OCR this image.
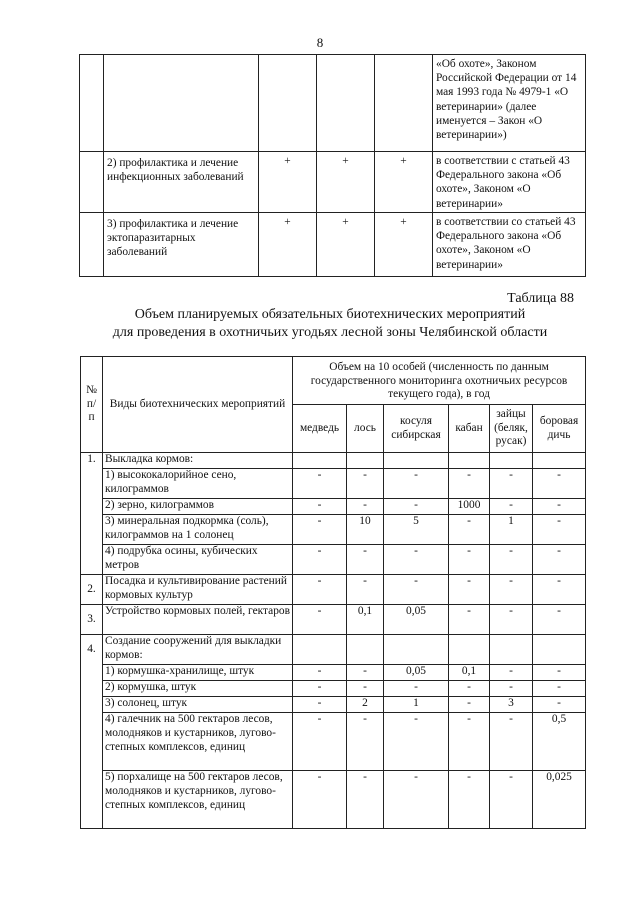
8
					«Об охоте», Законом Российской Федерации от 14 мая 1993 года № 4979-1 «О ветеринарии» (далее именуется – Закон «О ветеринарии»)
	2) профилактика и лечение инфекционных заболеваний	+	+	+	в соответствии с статьей 43 Федерального закона «Об охоте», Законом «О ветеринарии»
	3) профилактика и лечение эктопаразитарных заболеваний	+	+	+	в соответствии со статьей 43 Федерального закона «Об охоте», Законом «О ветеринарии»
Таблица 88
Объем планируемых обязательных биотехнических мероприятий
для проведения в охотничьих угодьях лесной зоны Челябинской области
№ п/п	Виды биотехнических мероприятий	Объем на 10 особей (численность по данным государственного мониторинга охотничьих ресурсов текущего года), в год					
		медведь	лось	косуля сибирская	кабан	зайцы (беляк, русак)	боровая дичь
1.	Выкладка кормов:						
	1) высококалорийное сено, килограммов	-	-	-	-	-	-
	2) зерно, килограммов	-	-	-	1000	-	-
	3) минеральная подкормка (соль), килограммов на 1 солонец	-	10	5	-	1	-
	4) подрубка осины, кубических метров	-	-	-	-	-	-
2.	Посадка и культивирование растений кормовых культур	-	-	-	-	-	-
3.	Устройство кормовых полей, гектаров	-	0,1	0,05	-	-	-
4.	Создание сооружений для выкладки кормов:						
	1) кормушка-хранилище, штук	-	-	0,05	0,1	-	-
	2) кормушка, штук	-	-	-	-	-	-
	3) солонец, штук	-	2	1	-	3	-
	4) галечник на 500 гектаров лесов, молодняков и кустарников, лугово-степных комплексов, единиц	-	-	-	-	-	0,5
	5) порхалище на 500 гектаров лесов, молодняков и кустарников, лугово-степных комплексов, единиц	-	-	-	-	-	0,025
